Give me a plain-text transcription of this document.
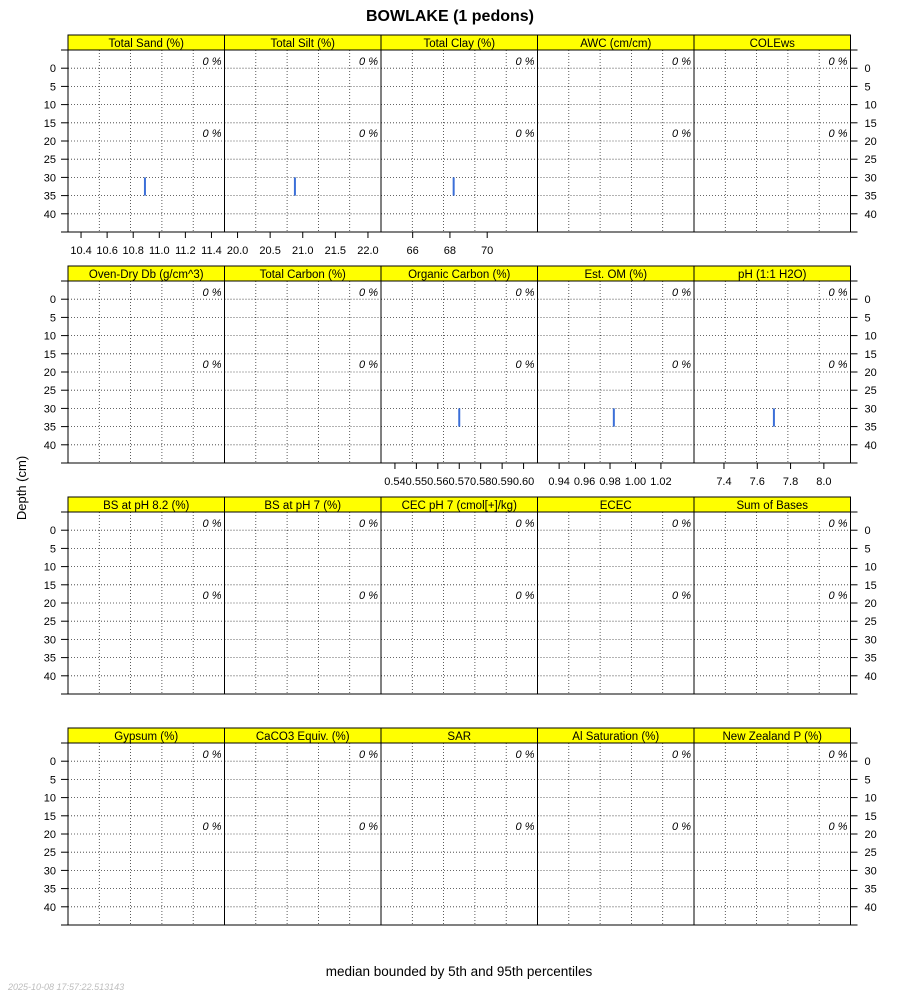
BOWLAKE (1 pedons)
Depth (cm)
median bounded by 5th and 95th percentiles
2025-10-08 17:57:22.513143
0
5
10
15
20
25
30
35
40
0
5
10
15
20
25
30
35
40
Total Sand (%)
0 %
0 %
10.4 10.6 10.8 11.0 11.2 11.4
Total Silt (%)
0 %
0 %
20.0 20.5 21.0 21.5 22.0
Total Clay (%)
0 %
0 %
66 68 70
AWC (cm/cm)
0 %
0 %
COLEws
0 %
0 %
0
5
10
15
20
25
30
35
40
0
5
10
15
20
25
30
35
40
Oven-Dry Db (g/cm^3)
0 %
0 %
Total Carbon (%)
0 %
0 %
Organic Carbon (%)
0 %
0 %
0.54 0.55 0.56 0.57 0.58 0.59 0.60
Est. OM (%)
0 %
0 %
0.94 0.96 0.98 1.00 1.02
pH (1:1 H2O)
0 %
0 %
7.4 7.6 7.8 8.0
0
5
10
15
20
25
30
35
40
0
5
10
15
20
25
30
35
40
BS at pH 8.2 (%)
0 %
0 %
BS at pH 7 (%)
0 %
0 %
CEC pH 7 (cmol[+]/kg)
0 %
0 %
ECEC
0 %
0 %
Sum of Bases
0 %
0 %
0
5
10
15
20
25
30
35
40
0
5
10
15
20
25
30
35
40
Gypsum (%)
0 %
0 %
CaCO3 Equiv. (%)
0 %
0 %
SAR
0 %
0 %
Al Saturation (%)
0 %
0 %
New Zealand P (%)
0 %
0 %
